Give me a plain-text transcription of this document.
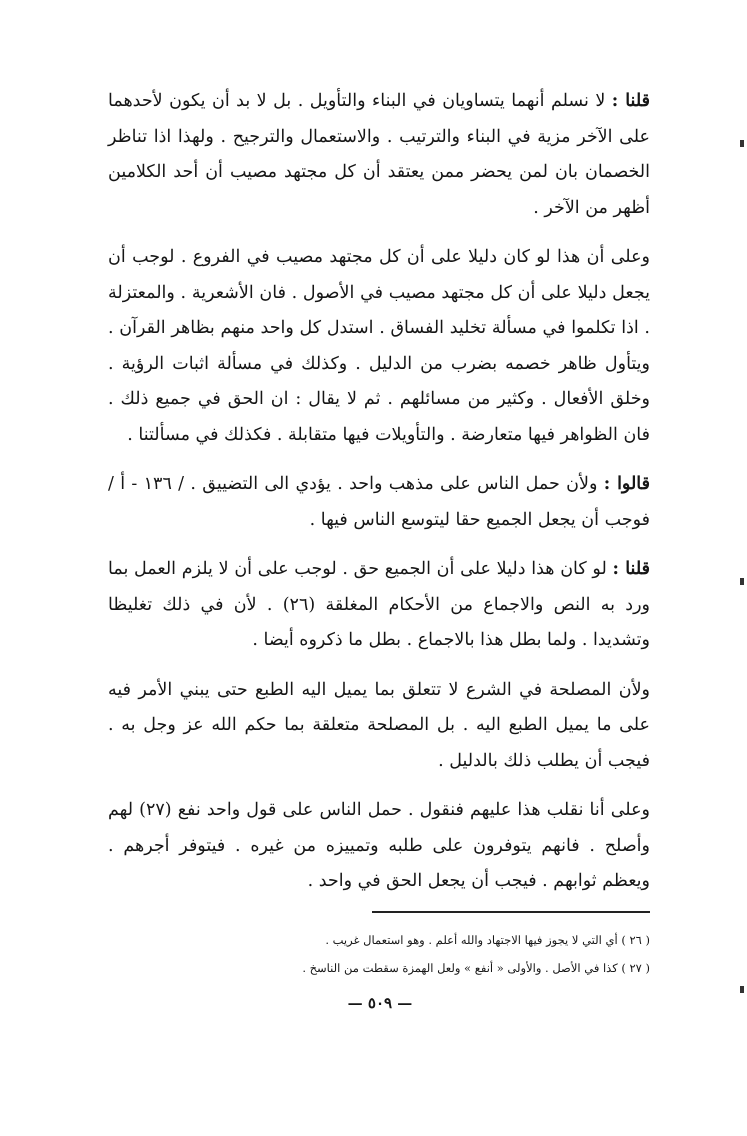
قلنا : لا نسلم أنهما يتساويان في البناء والتأويل . بل لا بد أن يكون لأحدهما على الآخر مزية في البناء والترتيب . والاستعمال والترجيح . ولهذا اذا تناظر الخصمان بان لمن يحضر ممن يعتقد أن كل مجتهد مصيب أن أحد الكلامين أظهر من الآخر .

وعلى أن هذا لو كان دليلا على أن كل مجتهد مصيب في الفروع . لوجب أن يجعل دليلا على أن كل مجتهد مصيب في الأصول . فان الأشعرية . والمعتزلة . اذا تكلموا في مسألة تخليد الفساق . استدل كل واحد منهم بظاهر القرآن . ويتأول ظاهر خصمه بضرب من الدليل . وكذلك في مسألة اثبات الرؤية . وخلق الأفعال . وكثير من مسائلهم . ثم لا يقال : ان الحق في جميع ذلك . فان الظواهر فيها متعارضة . والتأويلات فيها متقابلة . فكذلك في مسألتنا .

قالوا : ولأن حمل الناس على مذهب واحد . يؤدي الى التضييق . / ١٣٦ - أ / فوجب أن يجعل الجميع حقا ليتوسع الناس فيها .

قلنا : لو كان هذا دليلا على أن الجميع حق . لوجب على أن لا يلزم العمل بما ورد به النص والاجماع من الأحكام المغلقة (٢٦) . لأن في ذلك تغليظا وتشديدا . ولما بطل هذا بالاجماع . بطل ما ذكروه أيضا .

ولأن المصلحة في الشرع لا تتعلق بما يميل اليه الطبع حتى يبني الأمر فيه على ما يميل الطبع اليه . بل المصلحة متعلقة بما حكم الله عز وجل به . فيجب أن يطلب ذلك بالدليل .

وعلى أنا نقلب هذا عليهم فنقول . حمل الناس على قول واحد نفع (٢٧) لهم وأصلح . فانهم يتوفرون على طلبه وتمييزه من غيره . فيتوفر أجرهم . ويعظم ثوابهم . فيجب أن يجعل الحق في واحد .

( ٢٦ ) أي التي لا يجوز فيها الاجتهاد والله أعلم . وهو استعمال غريب .

( ٢٧ ) كذا في الأصل . والأولى « أنفع » ولعل الهمزة سقطت من الناسخ .

— ٥٠٩ —
